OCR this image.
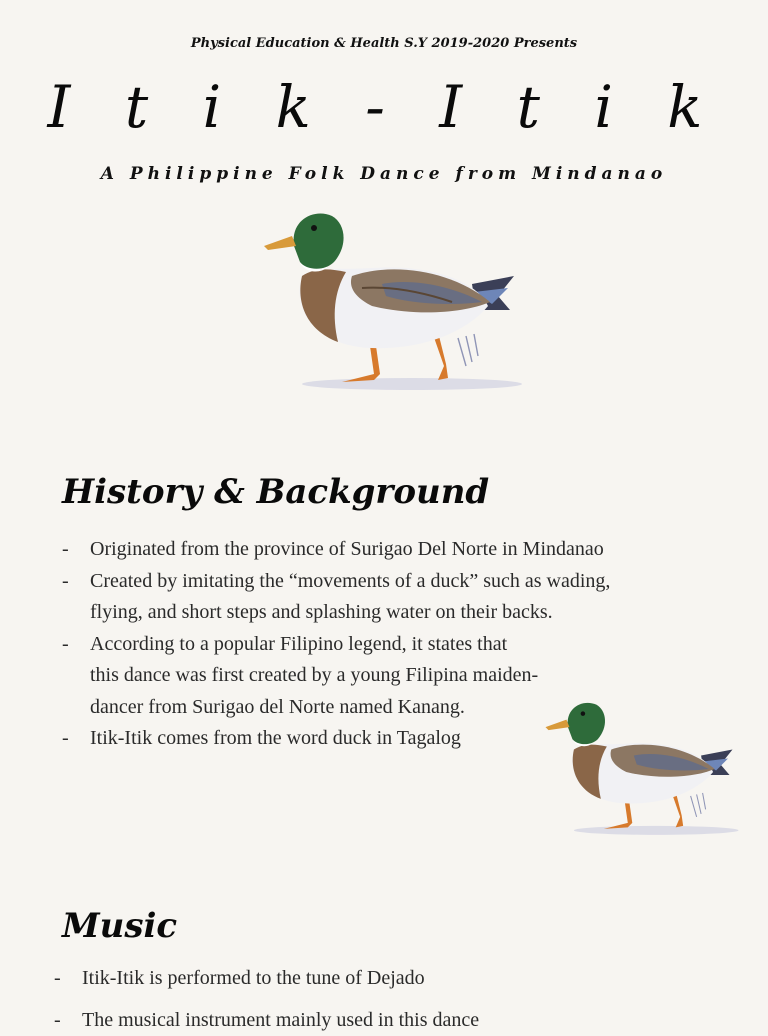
Physical Education & Health S.Y 2019-2020 Presents
I t i k - I t i k
A Philippine Folk Dance from Mindanao
History & Background
- Originated from the province of Surigao Del Norte in Mindanao
- Created by imitating the “movements of a duck” such as wading, flying, and short steps and splashing water on their backs.
- According to a popular Filipino legend, it states that this dance was first created by a young Filipina maiden-dancer from Surigao del Norte named Kanang.
- Itik-Itik comes from the word duck in Tagalog
Music
- Itik-Itik is performed to the tune of Dejado
- The musical instrument mainly used in this dance
